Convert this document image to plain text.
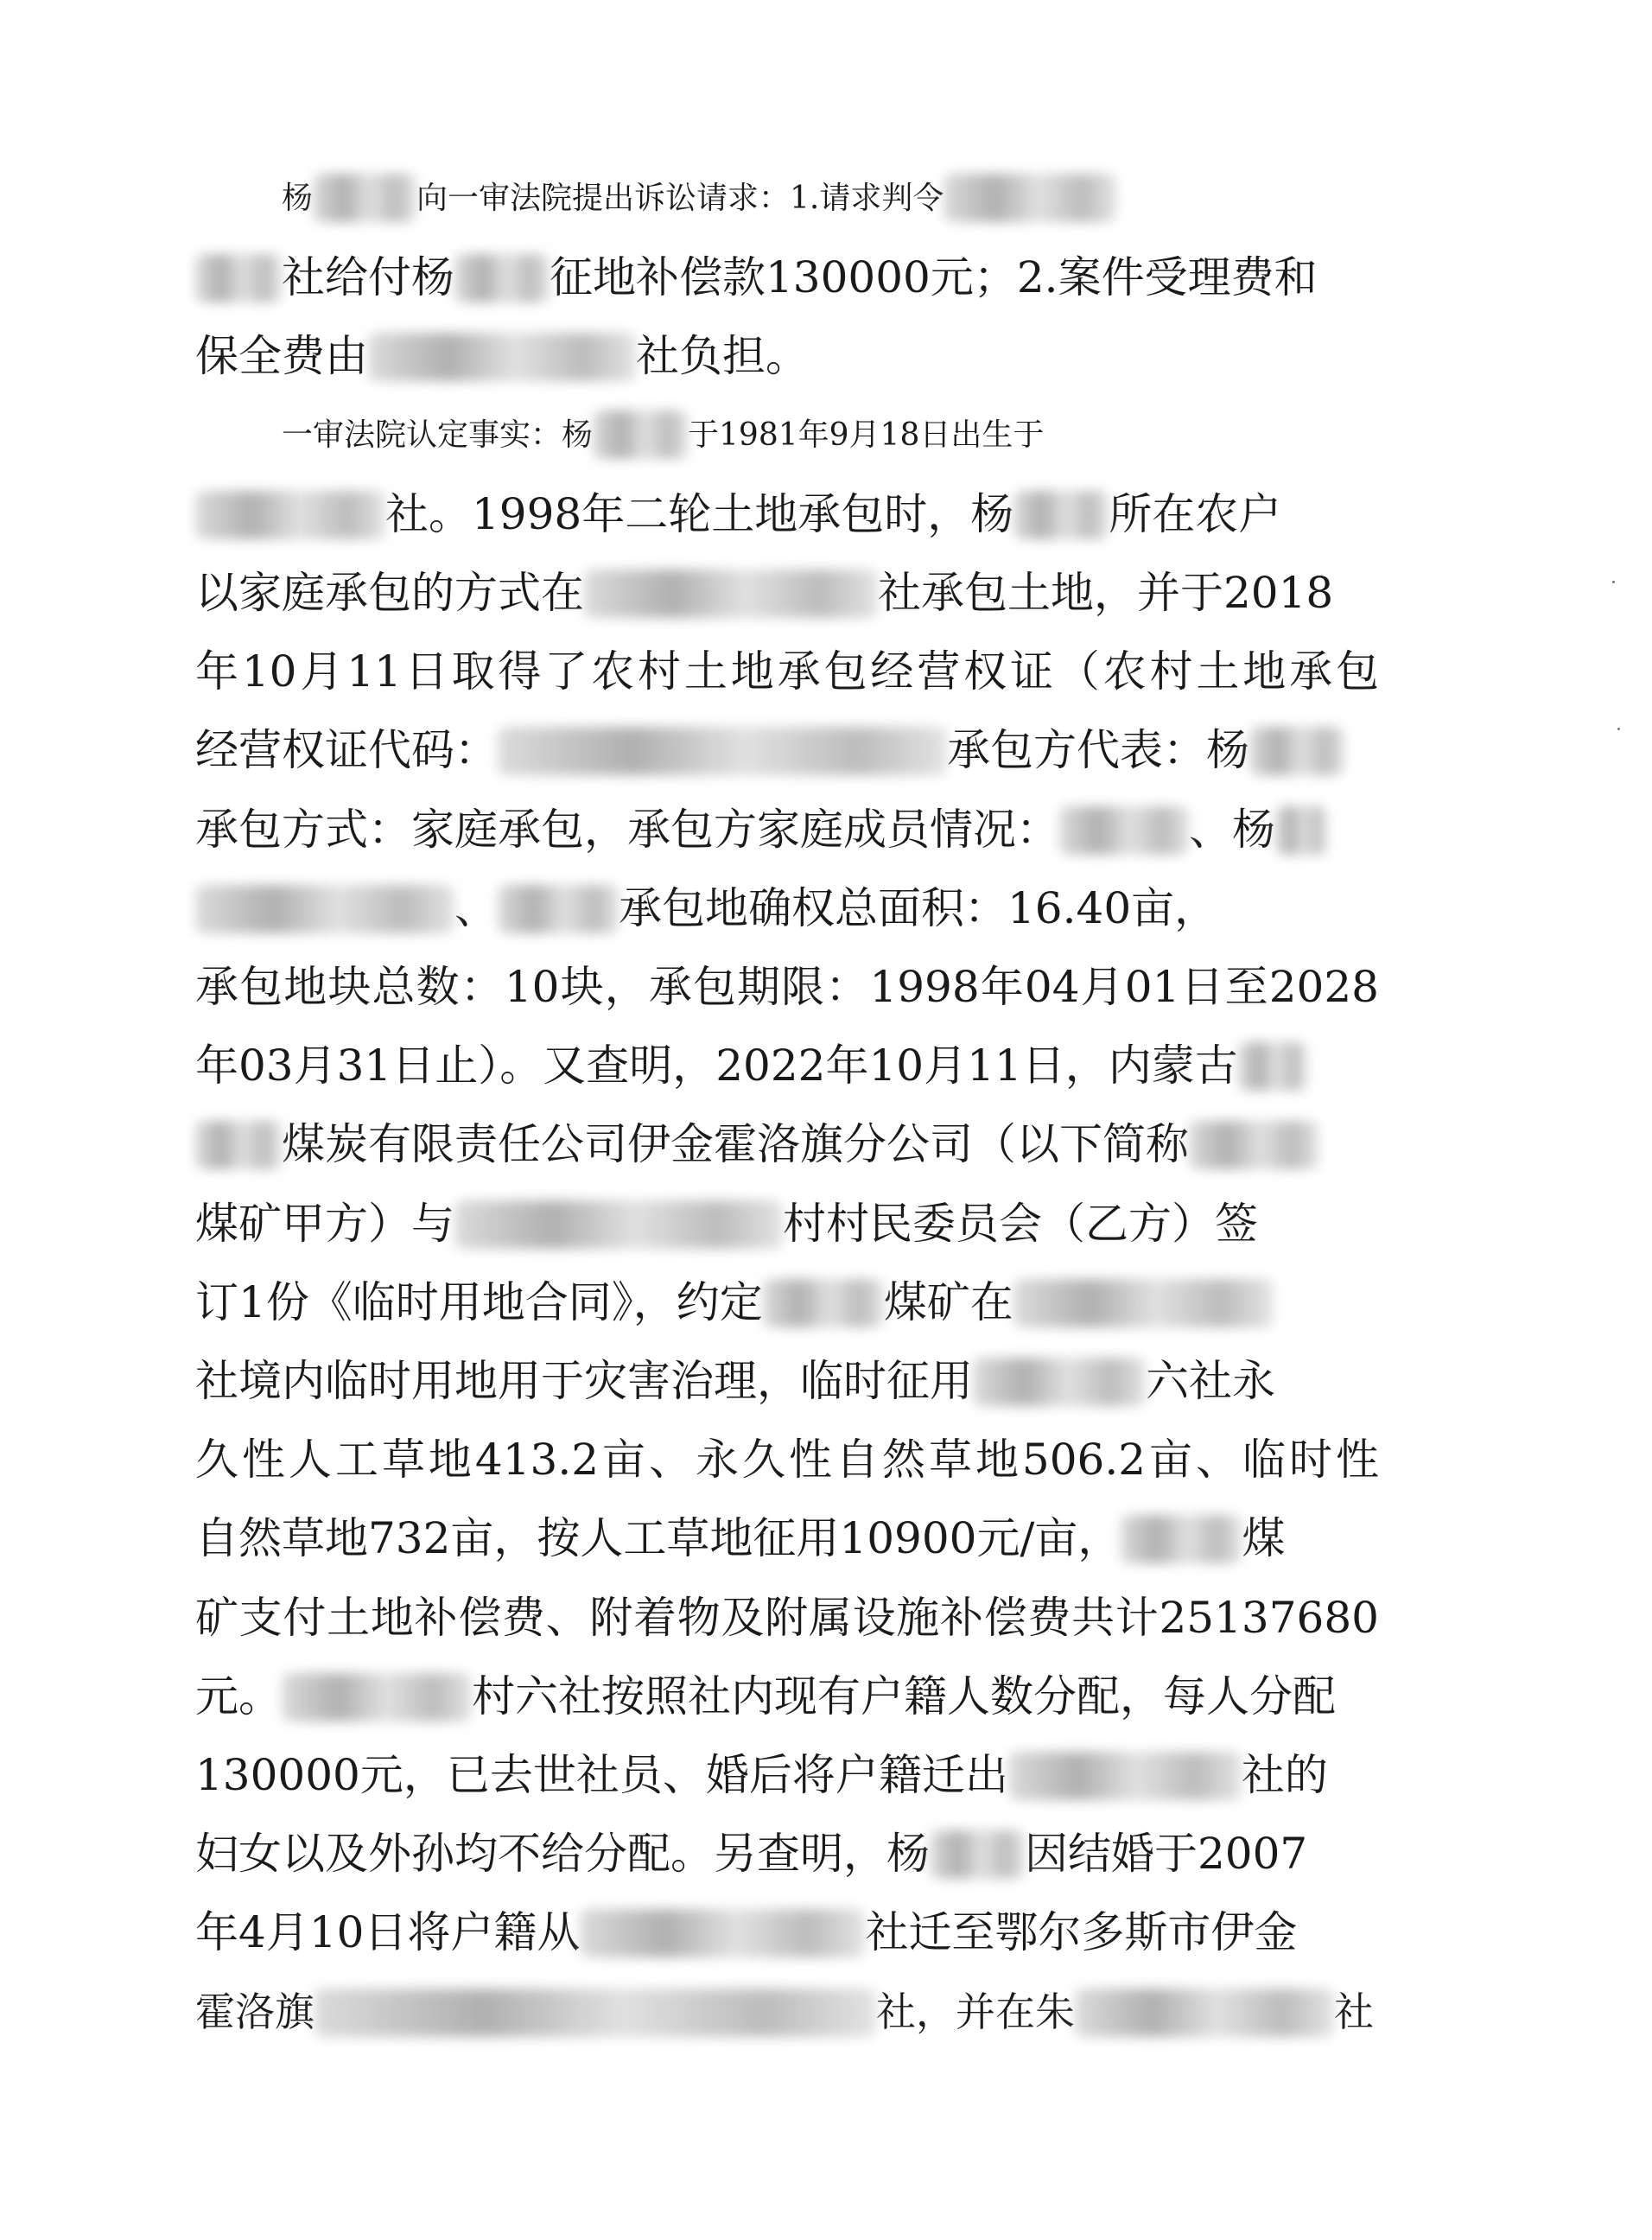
杨	向一审法院提出诉讼请求：1.请求判令
社给付杨 征地补偿款130000元；2.案件受理费和
保全费由	社负担。
一审法院认定事实：杨	于1981年9月18日出生于
社。1998年二轮土地承包时，杨 所在农户
以家庭承包的方式在	社承包土地，并于2018
年10月11日取得了农村土地承包经营权证（农村土地承包
经营权证代码：	承包方代表：杨
承包方式：家庭承包，承包方家庭成员情况：	、杨
、	承包地确权总面积：16.40亩，
承包地块总数：10块，承包期限：1998年04月01日至2028
年03月31日止）。又查明，2022年10月11日，内蒙古
煤炭有限责任公司伊金霍洛旗分公司（以下简称
煤矿甲方）与	村村民委员会（乙方）签
订1份《临时用地合同》，约定	煤矿在
社境内临时用地用于灾害治理，临时征用	六社永
久性人工草地413.2亩、永久性自然草地506.2亩、临时性
自然草地732亩，按人工草地征用10900元/亩，	煤
矿支付土地补偿费、附着物及附属设施补偿费共计25137680
元。	村六社按照社内现有户籍人数分配，每人分配
130000元，已去世社员、婚后将户籍迁出	社的
妇女以及外孙均不给分配。另查明，杨 因结婚于2007
年4月10日将户籍从	社迁至鄂尔多斯市伊金
霍洛旗	社，并在朱	社
